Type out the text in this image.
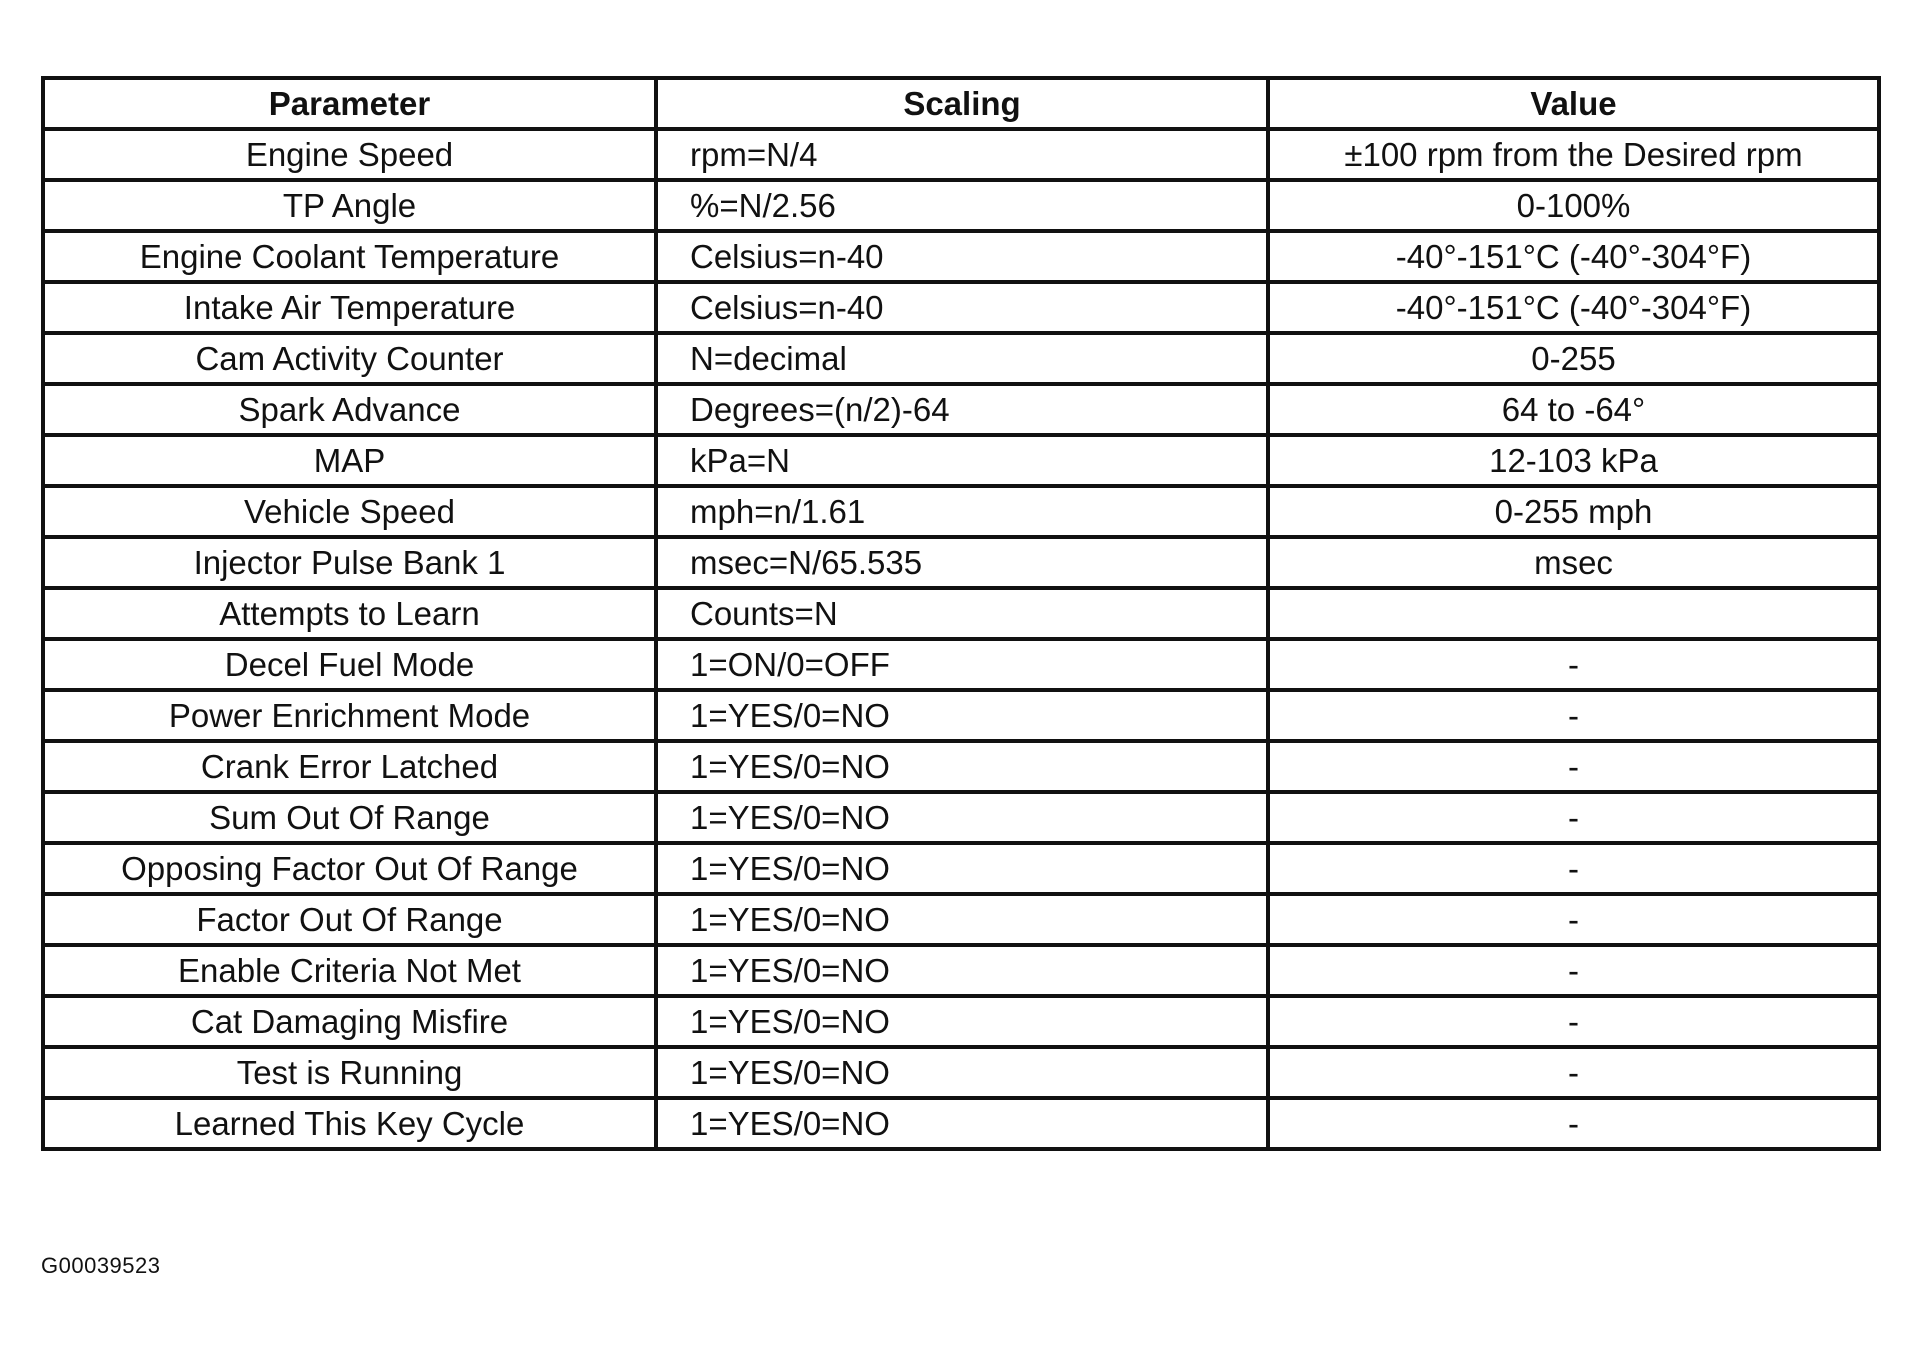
Parameter	Scaling	Value
Engine Speed	rpm=N/4	±100 rpm from the Desired rpm
TP Angle	%=N/2.56	0-100%
Engine Coolant Temperature	Celsius=n-40	-40°-151°C (-40°-304°F)
Intake Air Temperature	Celsius=n-40	-40°-151°C (-40°-304°F)
Cam Activity Counter	N=decimal	0-255
Spark Advance	Degrees=(n/2)-64	64 to -64°
MAP	kPa=N	12-103 kPa
Vehicle Speed	mph=n/1.61	0-255 mph
Injector Pulse Bank 1	msec=N/65.535	msec
Attempts to Learn	Counts=N	
Decel Fuel Mode	1=ON/0=OFF	-
Power Enrichment Mode	1=YES/0=NO	-
Crank Error Latched	1=YES/0=NO	-
Sum Out Of Range	1=YES/0=NO	-
Opposing Factor Out Of Range	1=YES/0=NO	-
Factor Out Of Range	1=YES/0=NO	-
Enable Criteria Not Met	1=YES/0=NO	-
Cat Damaging Misfire	1=YES/0=NO	-
Test is Running	1=YES/0=NO	-
Learned This Key Cycle	1=YES/0=NO	-
G00039523
